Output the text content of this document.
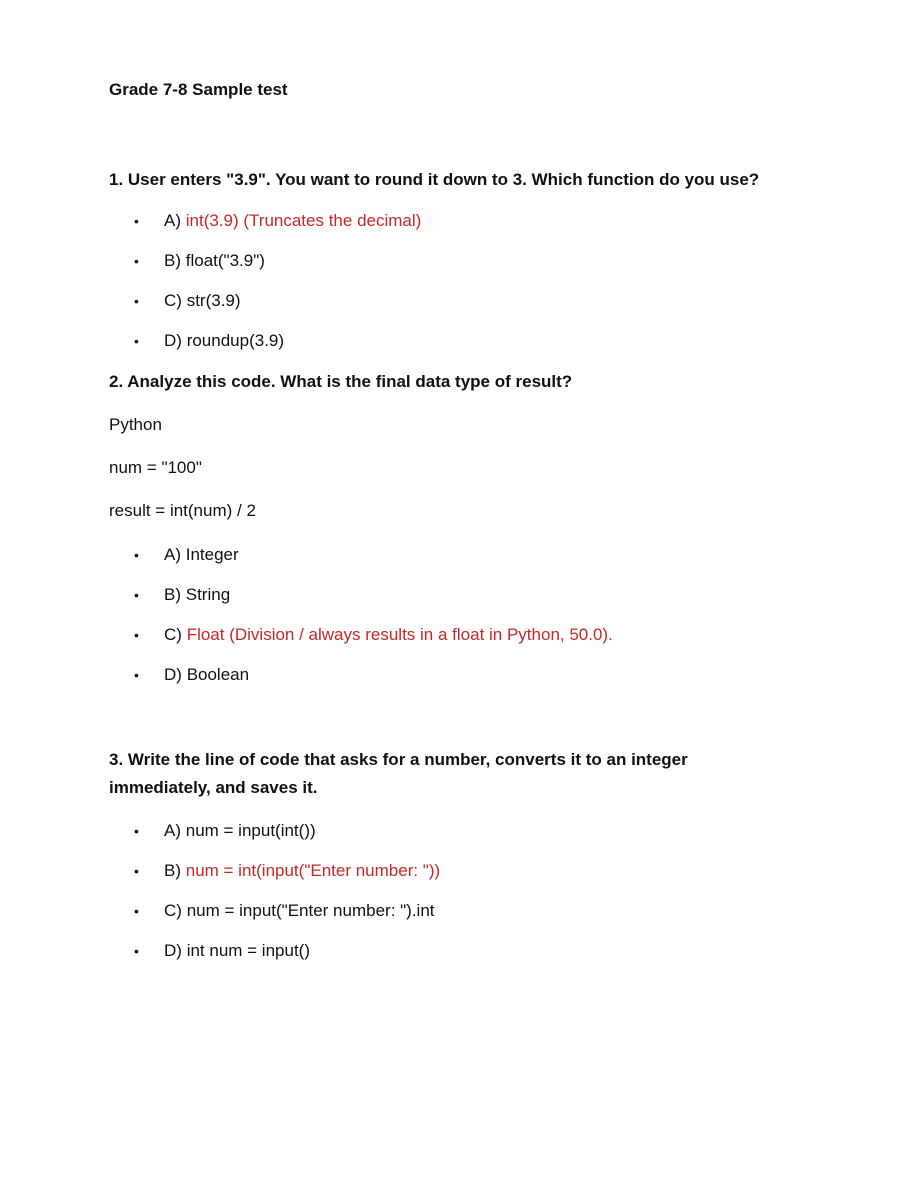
Grade 7-8 Sample test
1. User enters "3.9". You want to round it down to 3. Which function do you use?
• A) int(3.9) (Truncates the decimal)
• B) float("3.9")
• C) str(3.9)
• D) roundup(3.9)
2. Analyze this code. What is the final data type of result?
Python
num = "100"
result = int(num) / 2
• A) Integer
• B) String
• C) Float (Division / always results in a float in Python, 50.0).
• D) Boolean
3. Write the line of code that asks for a number, converts it to an integer
immediately, and saves it.
• A) num = input(int())
• B) num = int(input("Enter number: "))
• C) num = input("Enter number: ").int
• D) int num = input()
